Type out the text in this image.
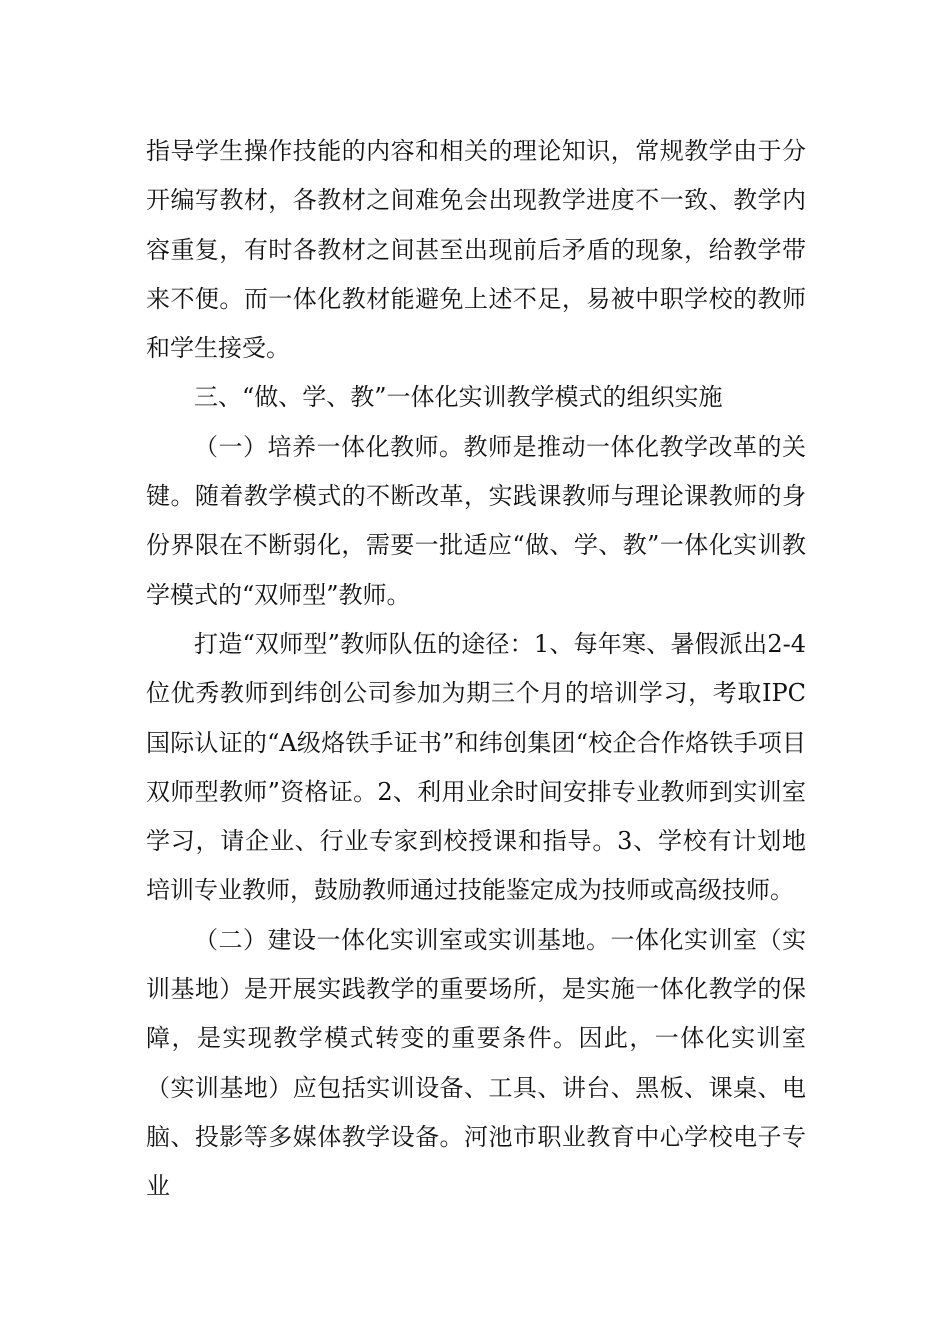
指导学生操作技能的内容和相关的理论知识，常规教学由于分开编写教材，各教材之间难免会出现教学进度不一致、教学内容重复，有时各教材之间甚至出现前后矛盾的现象，给教学带来不便。而一体化教材能避免上述不足，易被中职学校的教师和学生接受。

三、“做、学、教”一体化实训教学模式的组织实施

（一）培养一体化教师。教师是推动一体化教学改革的关键。随着教学模式的不断改革，实践课教师与理论课教师的身份界限在不断弱化，需要一批适应“做、学、教”一体化实训教学模式的“双师型”教师。

打造“双师型”教师队伍的途径：1、每年寒、暑假派出2-4位优秀教师到纬创公司参加为期三个月的培训学习，考取IPC国际认证的“A级烙铁手证书”和纬创集团“校企合作烙铁手项目双师型教师”资格证。2、利用业余时间安排专业教师到实训室学习，请企业、行业专家到校授课和指导。3、学校有计划地培训专业教师，鼓励教师通过技能鉴定成为技师或高级技师。

（二）建设一体化实训室或实训基地。一体化实训室（实训基地）是开展实践教学的重要场所，是实施一体化教学的保障，是实现教学模式转变的重要条件。因此，一体化实训室（实训基地）应包括实训设备、工具、讲台、黑板、课桌、电脑、投影等多媒体教学设备。河池市职业教育中心学校电子专业
